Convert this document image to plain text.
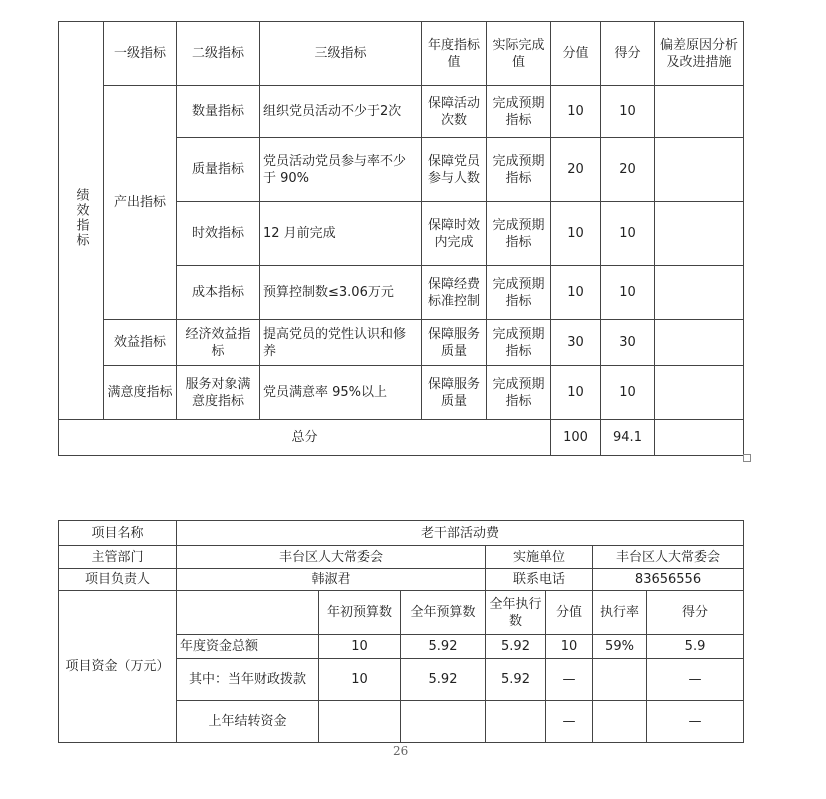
绩效指标	一级指标	二级指标	三级指标	年度指标值	实际完成值	分值	得分	偏差原因分析及改进措施
	产出指标	数量指标	组织党员活动不少于2次	保障活动次数	完成预期指标	10	10	
		质量指标	党员活动党员参与率不少于 90%	保障党员参与人数	完成预期指标	20	20	
		时效指标	12 月前完成	保障时效内完成	完成预期指标	10	10	
		成本指标	预算控制数≤3.06万元	保障经费标准控制	完成预期指标	10	10	
	效益指标	经济效益指标	提高党员的党性认识和修养	保障服务质量	完成预期指标	30	30	
	满意度指标	服务对象满意度指标	党员满意率 95%以上	保障服务质量	完成预期指标	10	10	
总分						100	94.1	
项目名称	老干部活动费						
主管部门	丰台区人大常委会			实施单位		丰台区人大常委会	
项目负责人	韩淑君			联系电话		83656556	
项目资金（万元）		年初预算数	全年预算数	全年执行数	分值	执行率	得分
	年度资金总额	10	5.92	5.92	10	59%	5.9
	其中：当年财政拨款	10	5.92	5.92	—		—
	上年结转资金				—		—
26
